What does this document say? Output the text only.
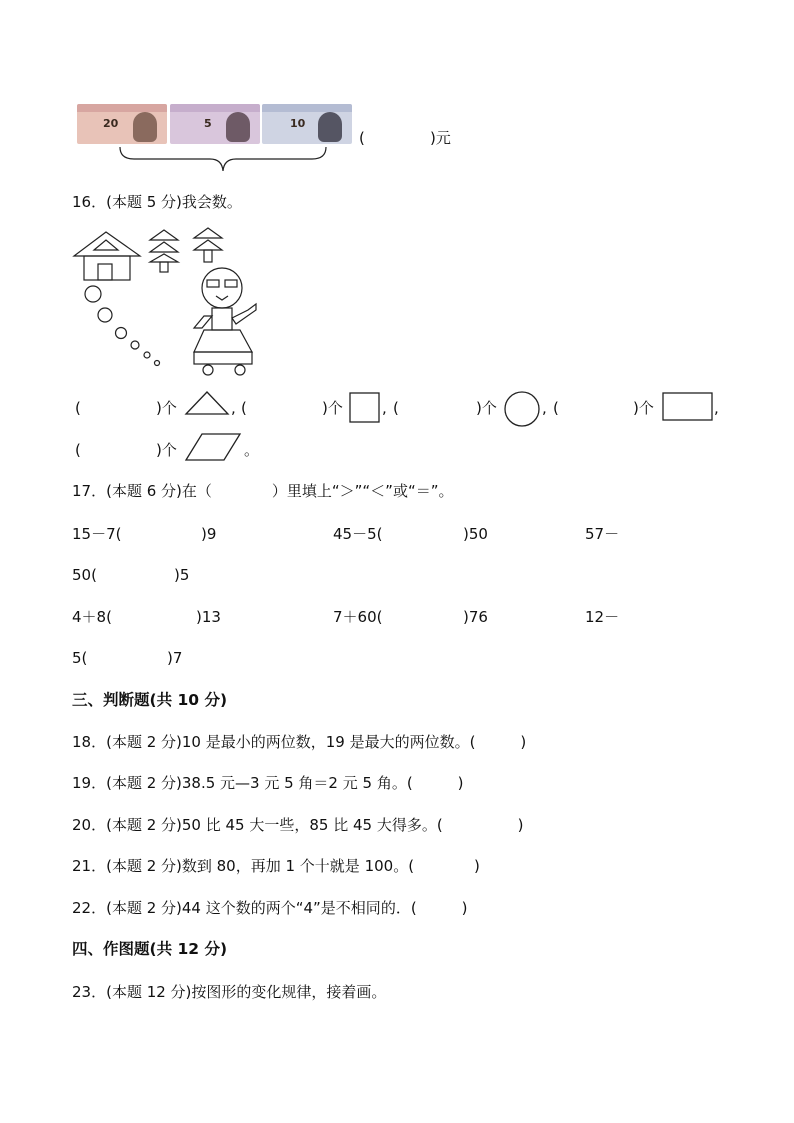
20	5	10
(	)元
16．(本题 5 分)我会数。
(	)个	, (	)个	, (	)个	, (	)个	,
(	)个	。
17．(本题 6 分)在（　　　　）里填上“＞”“＜”或“＝”。
15－7(	)9	45－5(	)50	57－
50(	)5
4＋8(	)13	7＋60(	)76	12－
5(	)7
三、判断题(共 10 分)
18．(本题 2 分)10 是最小的两位数，19 是最大的两位数。(　　　)
19．(本题 2 分)38.5 元—3 元 5 角＝2 元 5 角。(　　　)
20．(本题 2 分)50 比 45 大一些，85 比 45 大得多。(　　　　　)
21．(本题 2 分)数到 80，再加 1 个十就是 100。(　　　　)
22．(本题 2 分)44 这个数的两个“4”是不相同的．(　　　)
四、作图题(共 12 分)
23．(本题 12 分)按图形的变化规律，接着画。
